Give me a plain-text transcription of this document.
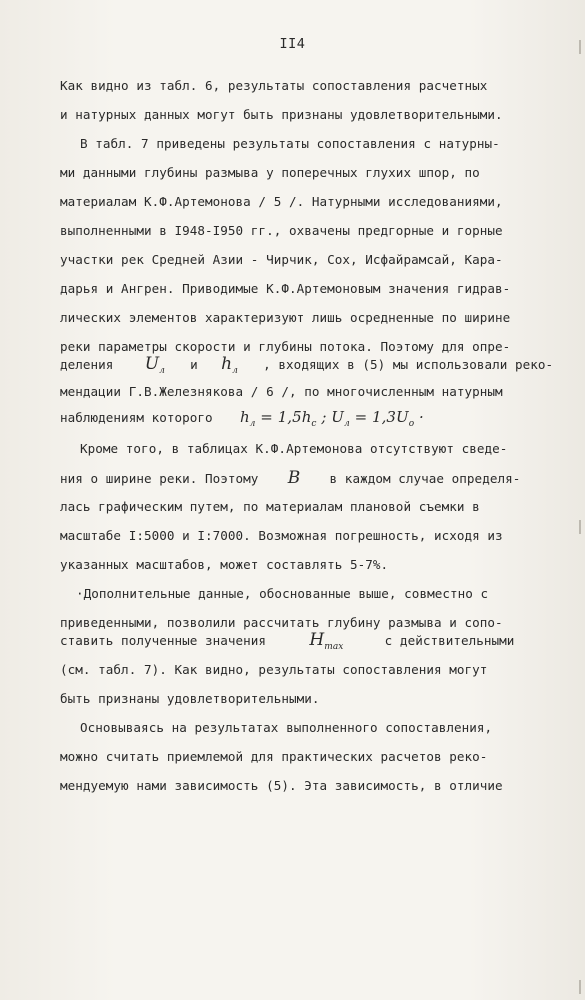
II4
Как видно из табл. 6, результаты сопоставления расчетных
и натурных данных могут быть признаны удовлетворительными.
В табл. 7 приведены результаты сопоставления с натурны-
ми данными глубины размыва у поперечных глухих шпор, по
материалам К.Ф.Артемонова / 5 /. Натурными исследованиями,
выполненными в I948-I950 гг., охвачены предгорные и горные
участки рек Средней Азии - Чирчик, Сох, Исфайрамсай, Кара-
дарья и Ангрен. Приводимые К.Ф.Артемоновым значения гидрав-
лических элементов характеризуют лишь осредненные по ширине
реки параметры скорости и глубины потока. Поэтому для опре-
деления $U_л$ и $h_л$ , входящих в (5) мы использовали реко-
мендации Г.В.Железнякова / 6 /, по многочисленным натурным
наблюдениям которого $h_л = 1,5h_с$ ; $U_л = 1,3U_о$ ·
Кроме того, в таблицах К.Ф.Артемонова отсутствуют сведе-
ния о ширине реки. Поэтому B в каждом случае определя-
лась графическим путем, по материалам плановой съемки в
масштабе I:5000 и I:7000. Возможная погрешность, исходя из
указанных масштабов, может составлять 5-7%.
·Дополнительные данные, обоснованные выше, совместно с
приведенными, позволили рассчитать глубину размыва и сопо-
ставить полученные значения	$H_{max}$	с действительными
(см. табл. 7). Как видно, результаты сопоставления могут
быть признаны удовлетворительными.
Основываясь на результатах выполненного сопоставления,
можно считать приемлемой для практических расчетов реко-
мендуемую нами зависимость (5). Эта зависимость, в отличие
